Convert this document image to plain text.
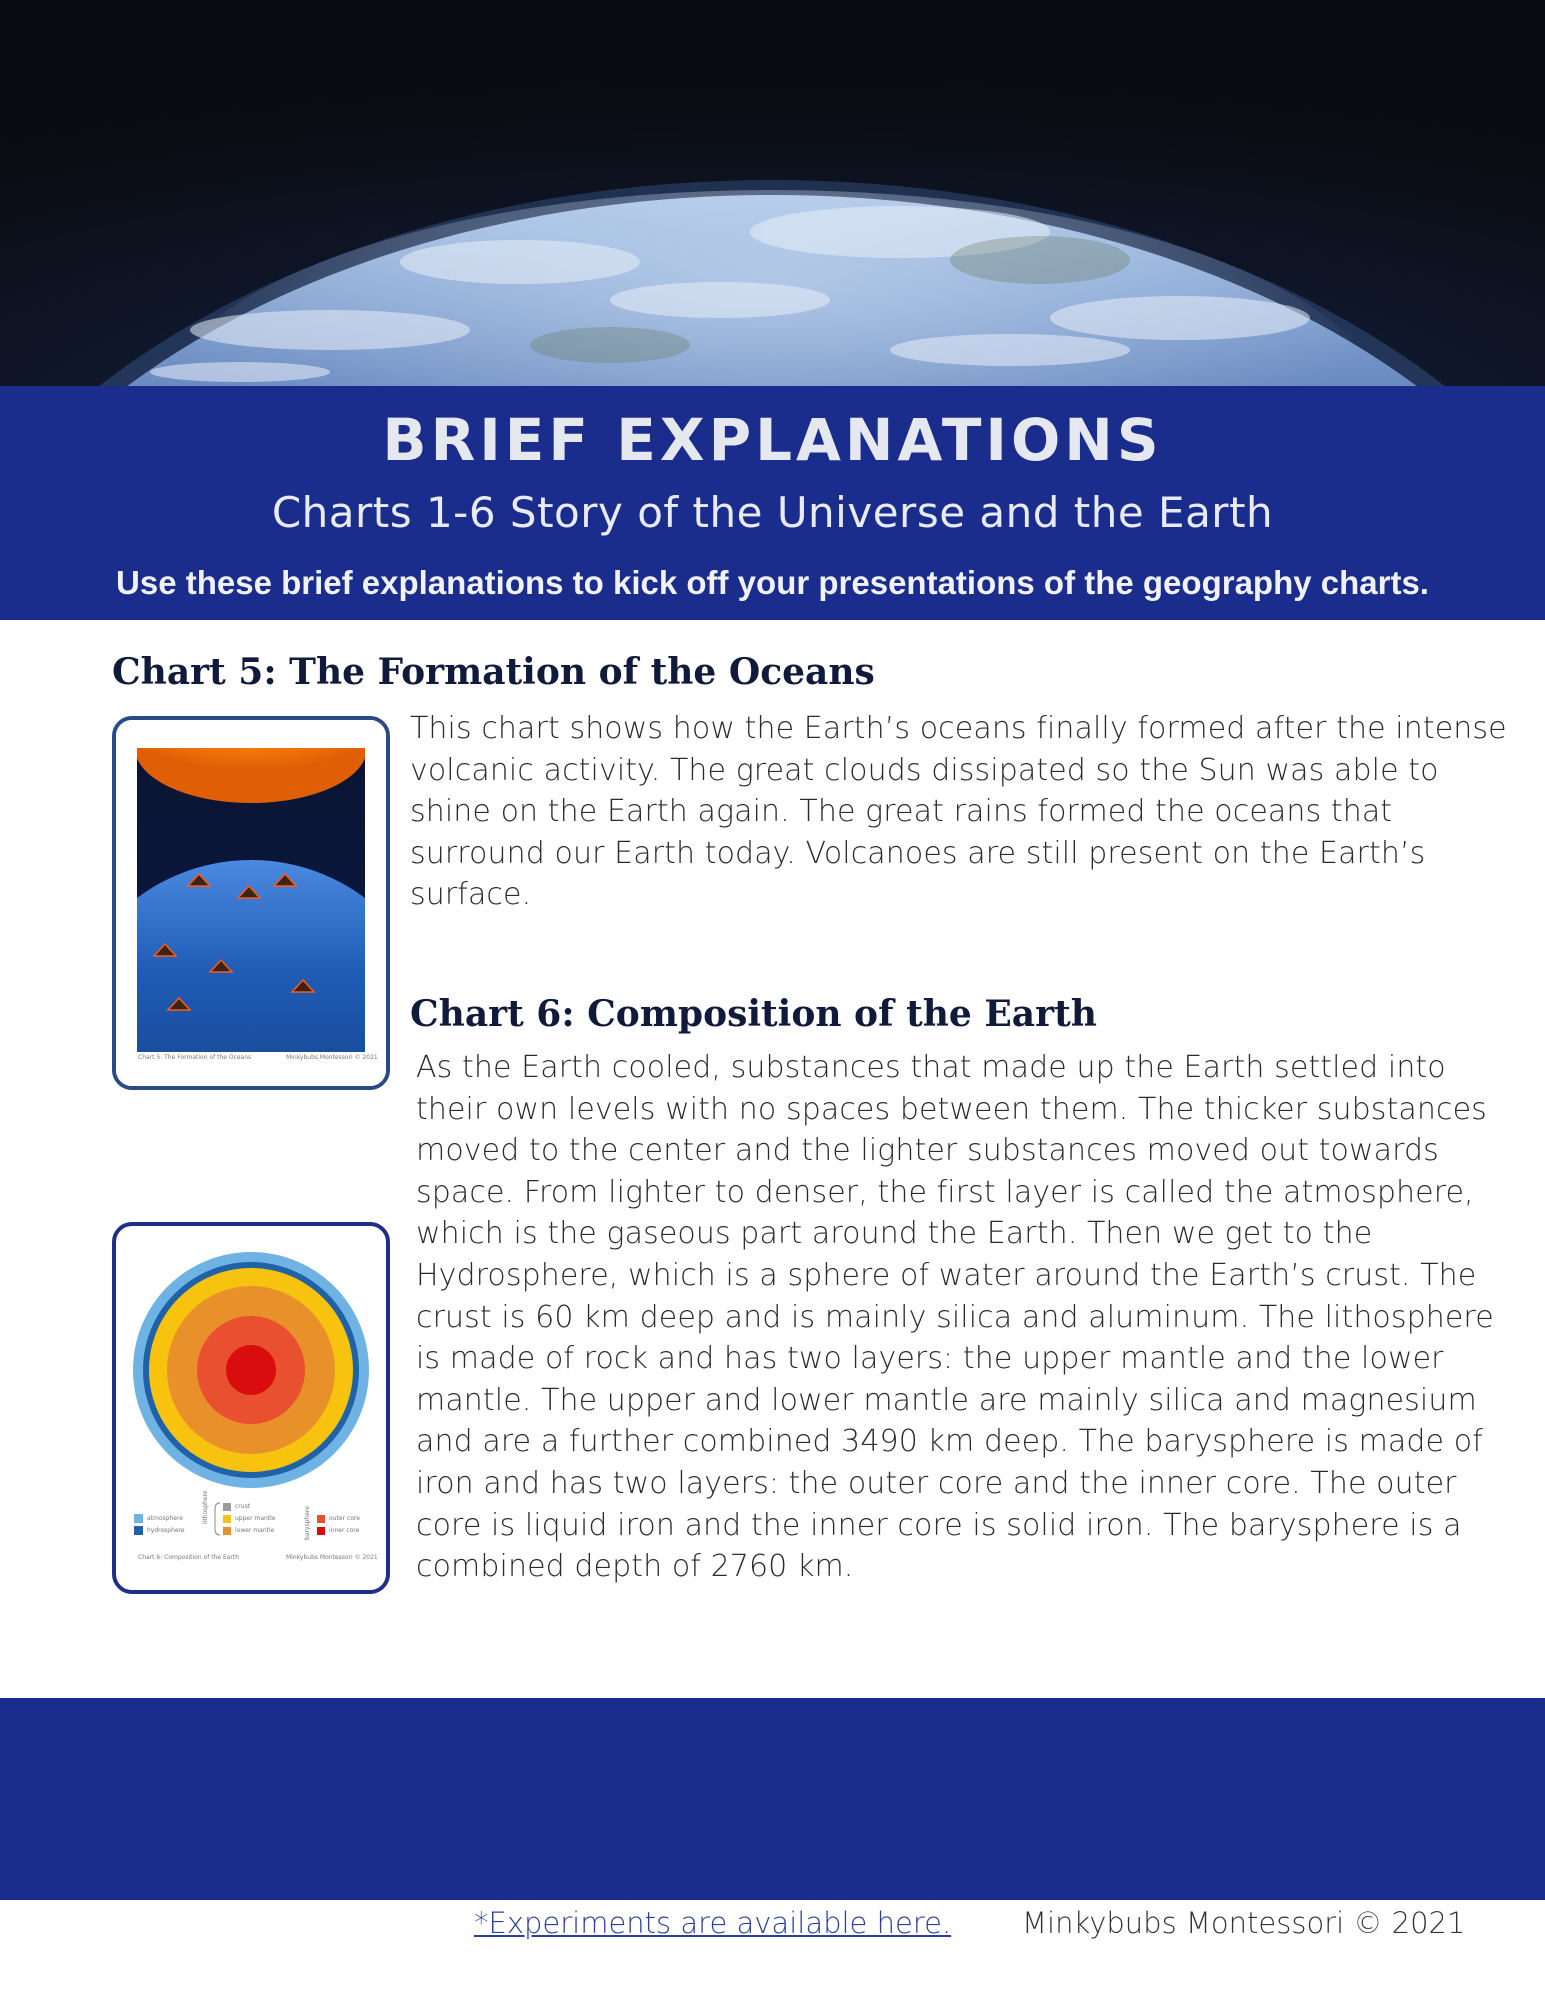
BRIEF EXPLANATIONS
Charts 1-6 Story of the Universe and the Earth
Use these brief explanations to kick off your presentations of the geography charts.
Chart 5: The Formation of the Oceans
Chart 5: The Formation of the Oceans	Minkybubs Montessori © 2021
This chart shows how the Earth’s oceans finally formed after the intense volcanic activity. The great clouds dissipated so the Sun was able to shine on the Earth again. The great rains formed the oceans that surround our Earth today. Volcanoes are still present on the Earth’s surface.
Chart 6: Composition of the Earth
As the Earth cooled, substances that made up the Earth settled into their own levels with no spaces between them. The thicker substances moved to the center and the lighter substances moved out towards space. From lighter to denser, the first layer is called the atmosphere, which is the gaseous part around the Earth. Then we get to the Hydrosphere, which is a sphere of water around the Earth’s crust. The crust is 60 km deep and is mainly silica and aluminum. The lithosphere is made of rock and has two layers: the upper mantle and the lower mantle. The upper and lower mantle are mainly silica and magnesium and are a further combined 3490 km deep. The barysphere is made of iron and has two layers: the outer core and the inner core. The outer core is liquid iron and the inner core is solid iron. The barysphere is a combined depth of 2760 km.
atmosphere
hydrosphere
lithosphere	crust
upper mantle
lower mantle	barysphere	outer core
inner core
Chart 6: Composition of the Earth	Minkybubs Montessori © 2021
*Experiments are available here. Minkybubs Montessori © 2021
